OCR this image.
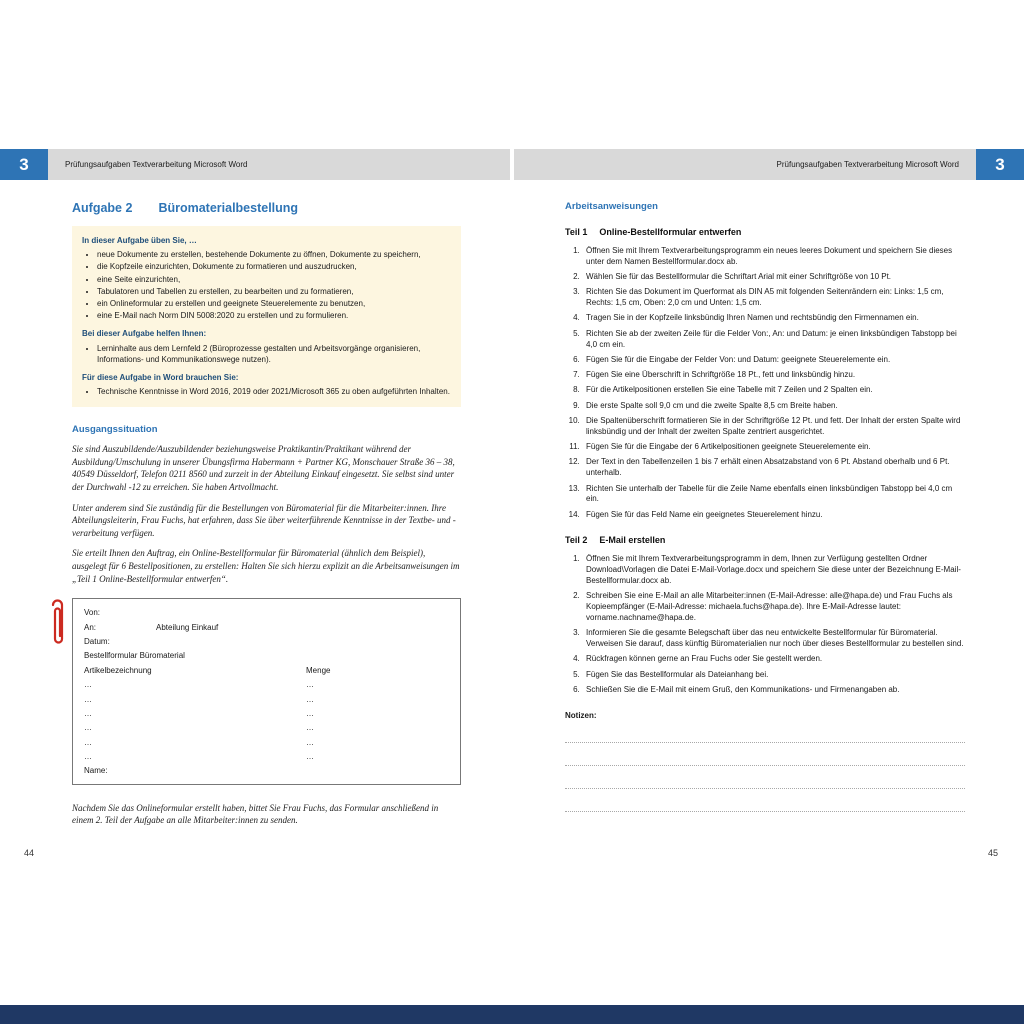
3	Prüfungsaufgaben Textverarbeitung Microsoft Word	Prüfungsaufgaben Textverarbeitung Microsoft Word	3
Aufgabe 2 Büromaterialbestellung
In dieser Aufgabe üben Sie, …
• neue Dokumente zu erstellen, bestehende Dokumente zu öffnen, Dokumente zu speichern,
• die Kopfzeile einzurichten, Dokumente zu formatieren und auszudrucken,
• eine Seite einzurichten,
• Tabulatoren und Tabellen zu erstellen, zu bearbeiten und zu formatieren,
• ein Onlineformular zu erstellen und geeignete Steuerelemente zu benutzen,
• eine E-Mail nach Norm DIN 5008:2020 zu erstellen und zu formulieren.
Bei dieser Aufgabe helfen Ihnen:
• Lerninhalte aus dem Lernfeld 2 (Büroprozesse gestalten und Arbeitsvorgänge organisieren, Informations- und Kommunikationswege nutzen).
Für diese Aufgabe in Word brauchen Sie:
• Technische Kenntnisse in Word 2016, 2019 oder 2021/Microsoft 365 zu oben aufgeführten Inhalten.
Ausgangssituation

Sie sind Auszubildende/Auszubildender beziehungsweise Praktikantin/Praktikant während der Ausbildung/Umschulung in unserer Übungsfirma Habermann + Partner KG, Monschauer Straße 36 – 38, 40549 Düsseldorf, Telefon 0211 8560 und zurzeit in der Abteilung Einkauf eingesetzt. Sie selbst sind unter der Durchwahl -12 zu erreichen. Sie haben Artvollmacht.

Unter anderem sind Sie zuständig für die Bestellungen von Büromaterial für die Mitarbeiter:innen. Ihre Abteilungsleiterin, Frau Fuchs, hat erfahren, dass Sie über weiterführende Kenntnisse in der Textbe- und -verarbeitung verfügen.

Sie erteilt Ihnen den Auftrag, ein Online-Bestellformular für Büromaterial (ähnlich dem Beispiel), ausgelegt für 6 Bestellpositionen, zu erstellen: Halten Sie sich hierzu explizit an die Arbeitsanweisungen im „Teil 1 Online-Bestellformular entwerfen“.

Von:
An:	Abteilung Einkauf
Datum:
Bestellformular Büromaterial
Artikelbezeichnung	Menge
…	…
…	…
…	…
…	…
…	…
…	…
Name:

Nachdem Sie das Onlineformular erstellt haben, bittet Sie Frau Fuchs, das Formular anschließend in einem 2. Teil der Aufgabe an alle Mitarbeiter:innen zu senden.

Arbeitsanweisungen
Teil 1 Online-Bestellformular entwerfen
1. Öffnen Sie mit Ihrem Textverarbeitungsprogramm ein neues leeres Dokument und speichern Sie dieses unter dem Namen Bestellformular.docx ab.
2. Wählen Sie für das Bestellformular die Schriftart Arial mit einer Schriftgröße von 10 Pt.
3. Richten Sie das Dokument im Querformat als DIN A5 mit folgenden Seitenrändern ein: Links: 1,5 cm, Rechts: 1,5 cm, Oben: 2,0 cm und Unten: 1,5 cm.
4. Tragen Sie in der Kopfzeile linksbündig Ihren Namen und rechtsbündig den Firmennamen ein.
5. Richten Sie ab der zweiten Zeile für die Felder Von:, An: und Datum: je einen linksbündigen Tabstopp bei 4,0 cm ein.
6. Fügen Sie für die Eingabe der Felder Von: und Datum: geeignete Steuerelemente ein.
7. Fügen Sie eine Überschrift in Schriftgröße 18 Pt., fett und linksbündig hinzu.
8. Für die Artikelpositionen erstellen Sie eine Tabelle mit 7 Zeilen und 2 Spalten ein.
9. Die erste Spalte soll 9,0 cm und die zweite Spalte 8,5 cm Breite haben.
10. Die Spaltenüberschrift formatieren Sie in der Schriftgröße 12 Pt. und fett. Der Inhalt der ersten Spalte wird linksbündig und der Inhalt der zweiten Spalte zentriert ausgerichtet.
11. Fügen Sie für die Eingabe der 6 Artikelpositionen geeignete Steuerelemente ein.
12. Der Text in den Tabellenzeilen 1 bis 7 erhält einen Absatzabstand von 6 Pt. Abstand oberhalb und 6 Pt. unterhalb.
13. Richten Sie unterhalb der Tabelle für die Zeile Name ebenfalls einen linksbündigen Tabstopp bei 4,0 cm ein.
14. Fügen Sie für das Feld Name ein geeignetes Steuerelement hinzu.
Teil 2 E-Mail erstellen
1. Öffnen Sie mit Ihrem Textverarbeitungsprogramm in dem, Ihnen zur Verfügung gestellten Ordner Download\Vorlagen die Datei E-Mail-Vorlage.docx und speichern Sie diese unter der Bezeichnung E-Mail-Bestellformular.docx ab.
2. Schreiben Sie eine E-Mail an alle Mitarbeiter:innen (E-Mail-Adresse: alle@hapa.de) und Frau Fuchs als Kopieempfänger (E-Mail-Adresse: michaela.fuchs@hapa.de). Ihre E-Mail-Adresse lautet: vorname.nachname@hapa.de.
3. Informieren Sie die gesamte Belegschaft über das neu entwickelte Bestellformular für Büromaterial. Verweisen Sie darauf, dass künftig Büromaterialien nur noch über dieses Bestellformular zu bestellen sind.
4. Rückfragen können gerne an Frau Fuchs oder Sie gestellt werden.
5. Fügen Sie das Bestellformular als Dateianhang bei.
6. Schließen Sie die E-Mail mit einem Gruß, den Kommunikations- und Firmenangaben ab.
Notizen:
44	45
